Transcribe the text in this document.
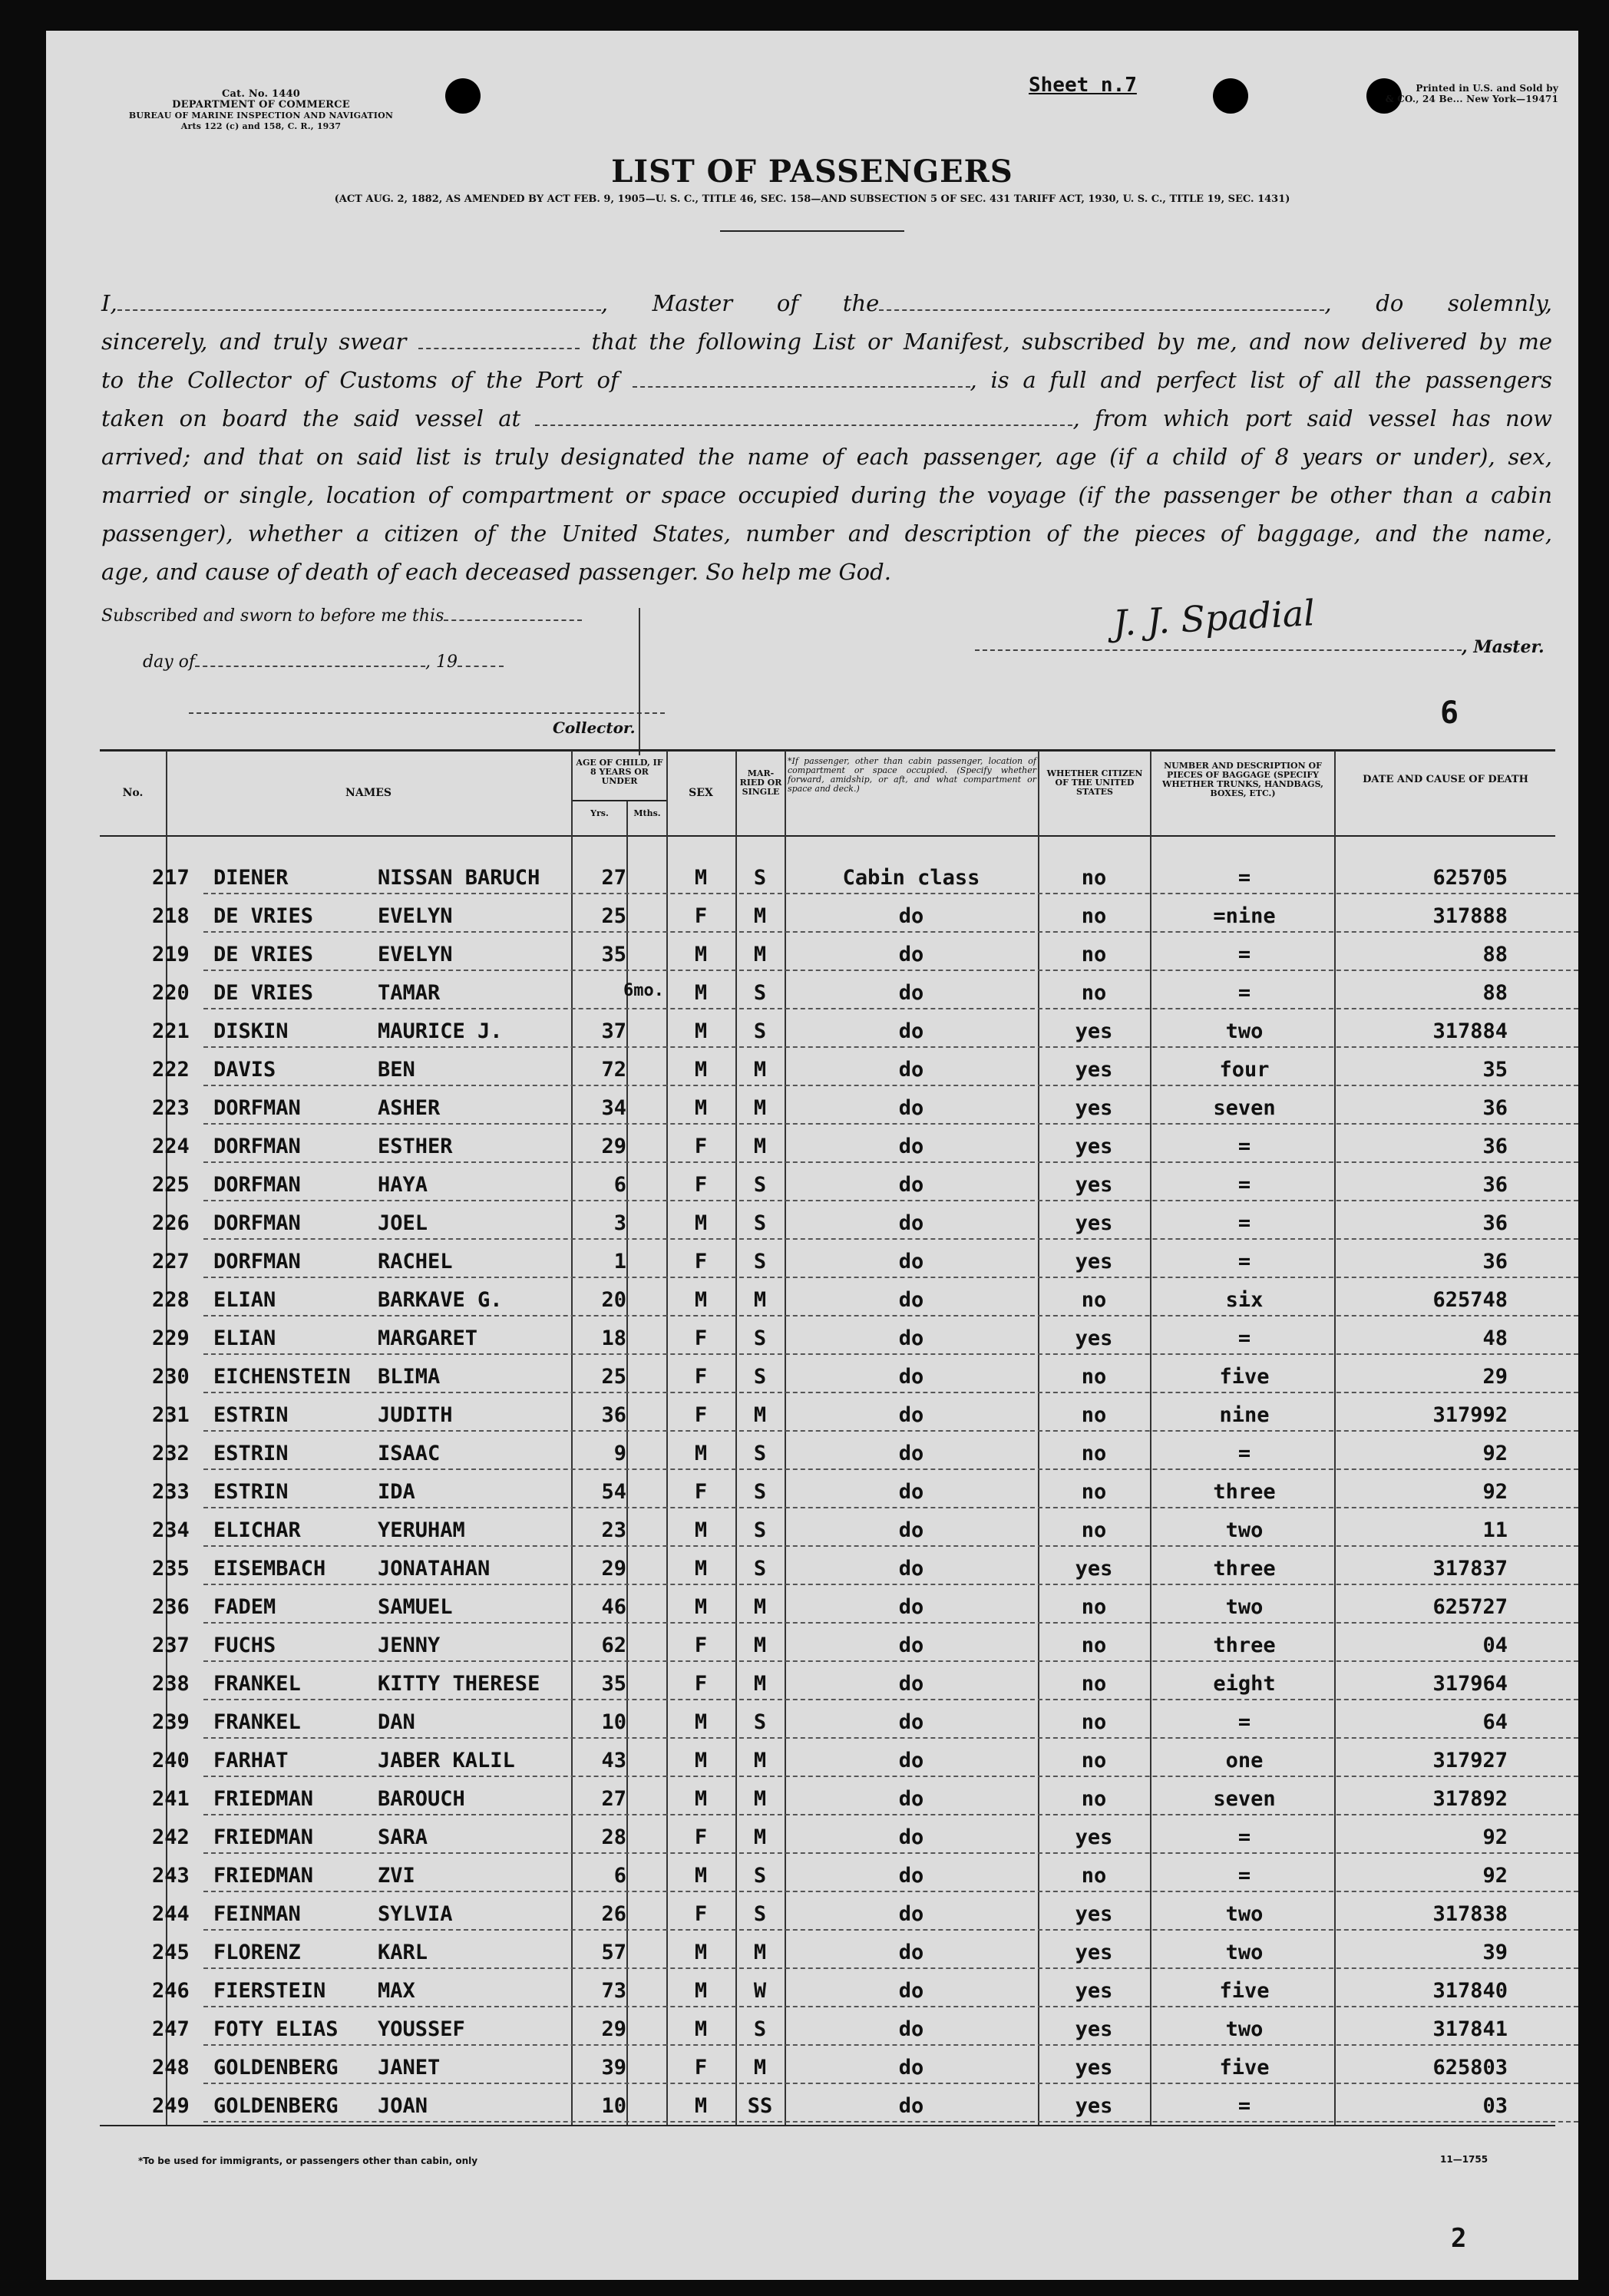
Cat. No. 1440
DEPARTMENT OF COMMERCE
BUREAU OF MARINE INSPECTION AND NAVIGATION
Arts 122 (c) and 158, C. R., 1937
Sheet n.7	Printed in U.S. and Sold by
& CO., 24 Be... New York—19471
LIST OF PASSENGERS
(ACT AUG. 2, 1882, AS AMENDED BY ACT FEB. 9, 1905—U. S. C., TITLE 46, SEC. 158—AND SUBSECTION 5 OF SEC. 431 TARIFF ACT, 1930, U. S. C., TITLE 19, SEC. 1431)

I,	, Master of the	, do solemnly,

sincerely, and truly swear	that the following List or Manifest, subscribed by me, and now delivered by me

to the Collector of Customs of the Port of	, is a full and perfect list of all the passengers

taken on board the said vessel at	, from which port said vessel has now

arrived; and that on said list is truly designated the name of each passenger, age (if a child of 8 years or under), sex,

married or single, location of compartment or space occupied during the voyage (if the passenger be other than a cabin

passenger), whether a citizen of the United States, number and description of the pieces of baggage, and the name,

age, and cause of death of each deceased passenger. So help me God.

Subscribed and sworn to before me this
day of	, 19
Collector.
J. J. Spadial
, Master.
6
No.	NAMES
AGE OF CHILD, IF 8 YEARS OR UNDER
Yrs.	Mths.
SEX
MAR-RIED OR SINGLE
*If passenger, other than cabin passenger, location of compartment or space occupied. (Specify whether forward, amidship, or aft, and what compartment or space and deck.)
WHETHER CITIZEN OF THE UNITED STATES
NUMBER AND DESCRIPTION OF PIECES OF BAGGAGE (SPECIFY WHETHER TRUNKS, HANDBAGS, BOXES, ETC.)
DATE AND CAUSE OF DEATH
217 DIENER	NISSAN BARUCH	27	M	S	Cabin class	no	=	625705
218 DE VRIES	EVELYN	25	F	M	do	no	=nine	317888
219 DE VRIES	EVELYN	35	M	M	do	no	=	88
220 DE VRIES	TAMAR	6mo.	M	S	do	no	=	88
221 DISKIN	MAURICE J.	37	M	S	do	yes	two	317884
222 DAVIS	BEN	72	M	M	do	yes	four	35
223 DORFMAN	ASHER	34	M	M	do	yes	seven	36
224 DORFMAN	ESTHER	29	F	M	do	yes	=	36
225 DORFMAN	HAYA	6	F	S	do	yes	=	36
226 DORFMAN	JOEL	3	M	S	do	yes	=	36
227 DORFMAN	RACHEL	1	F	S	do	yes	=	36
228 ELIAN	BARKAVE G.	20	M	M	do	no	six	625748
229 ELIAN	MARGARET	18	F	S	do	yes	=	48
230 EICHENSTEIN	BLIMA	25	F	S	do	no	five	29
231 ESTRIN	JUDITH	36	F	M	do	no	nine	317992
232 ESTRIN	ISAAC	9	M	S	do	no	=	92
233 ESTRIN	IDA	54	F	S	do	no	three	92
234 ELICHAR	YERUHAM	23	M	S	do	no	two	11
235 EISEMBACH	JONATAHAN	29	M	S	do	yes	three	317837
236 FADEM	SAMUEL	46	M	M	do	no	two	625727
237 FUCHS	JENNY	62	F	M	do	no	three	04
238 FRANKEL	KITTY THERESE	35	F	M	do	no	eight	317964
239 FRANKEL	DAN	10	M	S	do	no	=	64
240 FARHAT	JABER KALIL	43	M	M	do	no	one	317927
241 FRIEDMAN	BAROUCH	27	M	M	do	no	seven	317892
242 FRIEDMAN	SARA	28	F	M	do	yes	=	92
243 FRIEDMAN	ZVI	6	M	S	do	no	=	92
244 FEINMAN	SYLVIA	26	F	S	do	yes	two	317838
245 FLORENZ	KARL	57	M	M	do	yes	two	39
246 FIERSTEIN	MAX	73	M	W	do	yes	five	317840
247 FOTY ELIAS	YOUSSEF	29	M	S	do	yes	two	317841
248 GOLDENBERG	JANET	39	F	M	do	yes	five	625803
249 GOLDENBERG	JOAN	10	M	SS	do	yes	=	03
*To be used for immigrants, or passengers other than cabin, only	11—1755
2
